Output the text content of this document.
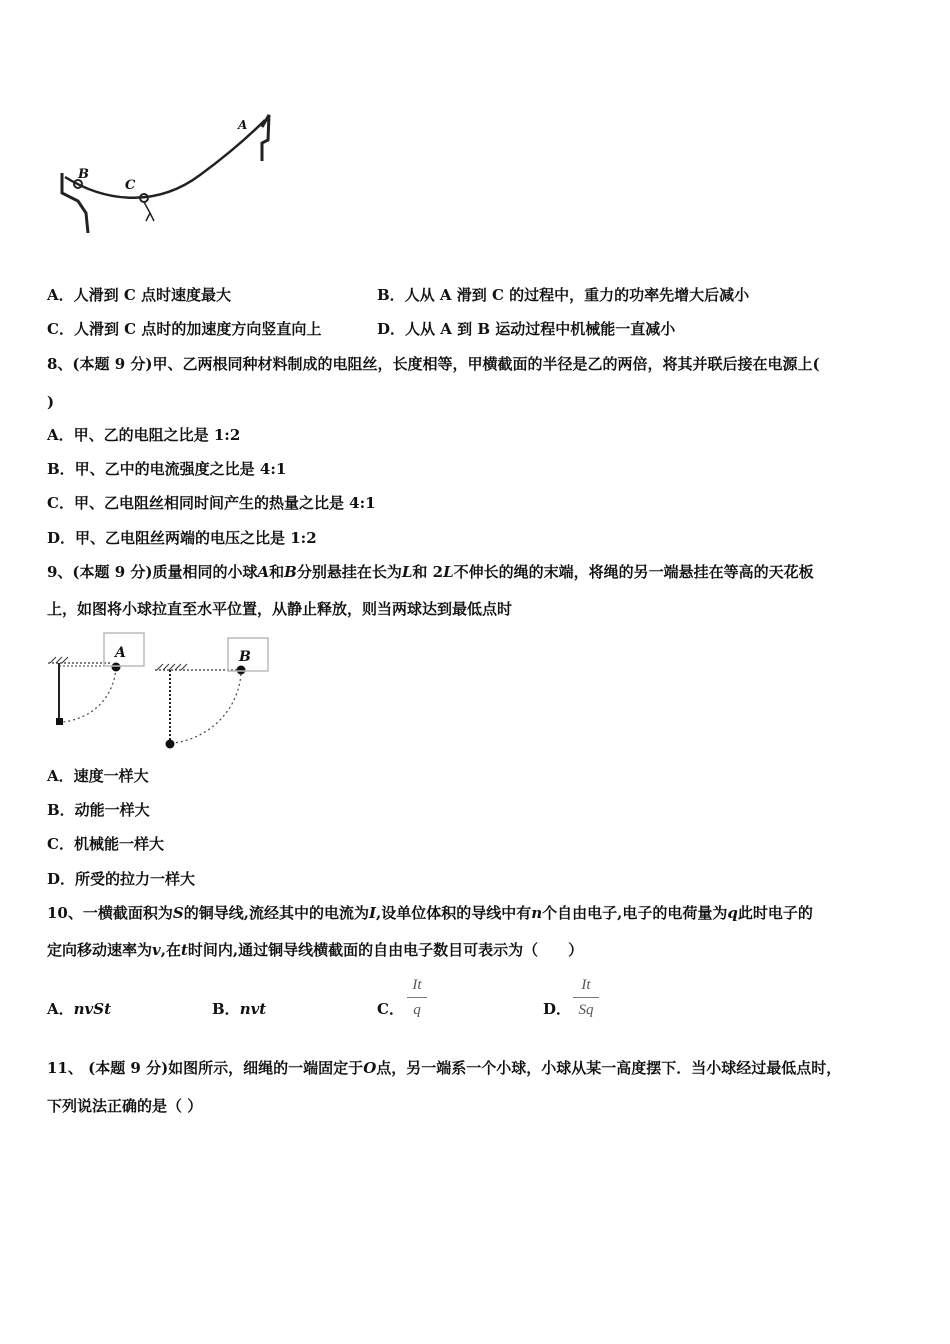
B
C
A
A．人滑到 C 点时速度最大	B．人从 A 滑到 C 的过程中，重力的功率先增大后减小
C．人滑到 C 点时的加速度方向竖直向上	D．人从 A 到 B 运动过程中机械能一直减小
8、(本题 9 分)甲、乙两根同种材料制成的电阻丝，长度相等，甲横截面的半径是乙的两倍，将其并联后接在电源上(
)
A．甲、乙的电阻之比是 1:2
B．甲、乙中的电流强度之比是 4:1
C．甲、乙电阻丝相同时间产生的热量之比是 4:1
D．甲、乙电阻丝两端的电压之比是 1:2
9、(本题 9 分)质量相同的小球A和B分别悬挂在长为L和 2L不伸长的绳的末端，将绳的另一端悬挂在等高的天花板
上，如图将小球拉直至水平位置，从静止释放，则当两球达到最低点时
A	B
A．速度一样大
B．动能一样大
C．机械能一样大
D．所受的拉力一样大
10、一横截面积为S的铜导线,流经其中的电流为I,设单位体积的导线中有n个自由电子,电子的电荷量为q此时电子的
定向移动速率为v,在t时间内,通过铜导线横截面的自由电子数目可表示为（　　）
A．nvSt	B．nvt	C．
It
q	D．
It
Sq
11、 (本题 9 分)如图所示，细绳的一端固定于O点，另一端系一个小球，小球从某一高度摆下．当小球经过最低点时，
下列说法正确的是（ ）
